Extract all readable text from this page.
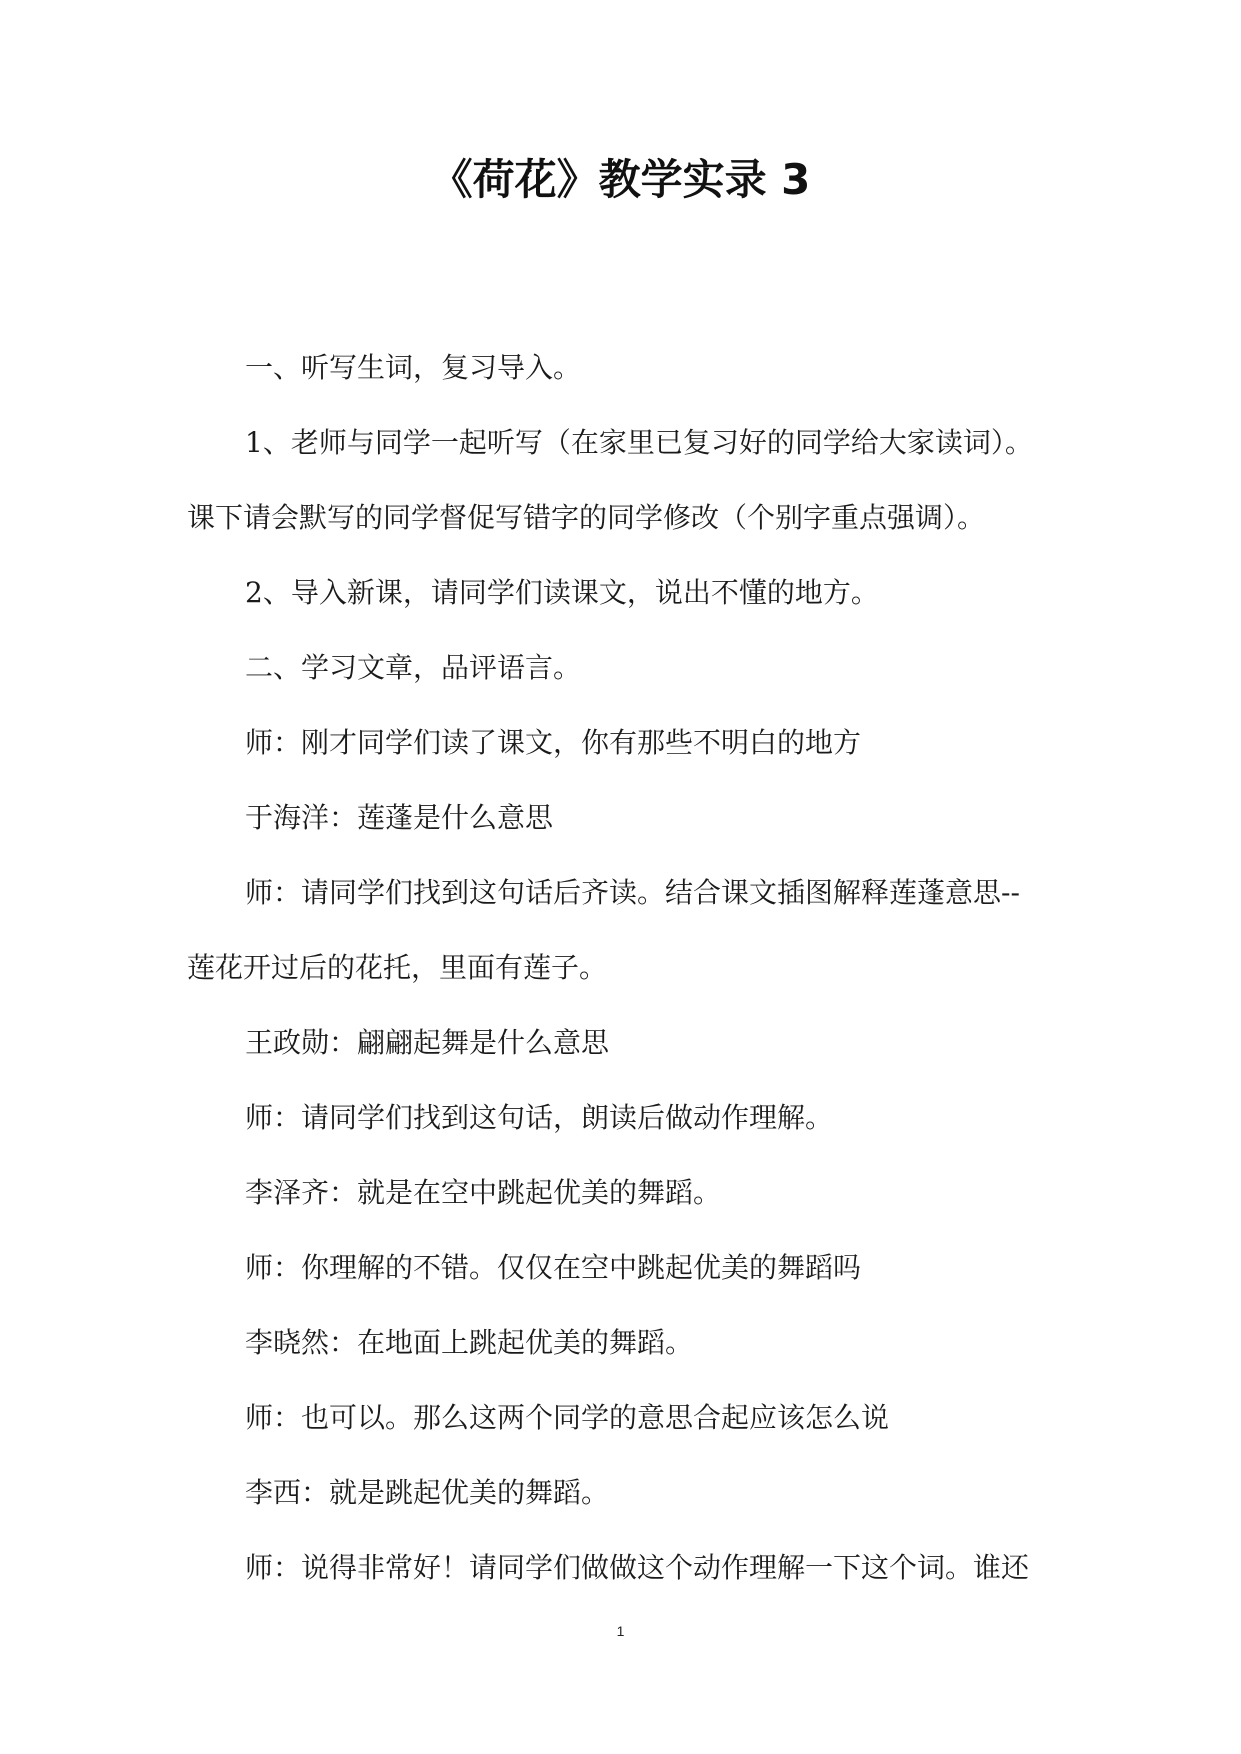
《荷花》教学实录 3
一、听写生词，复习导入。
1、老师与同学一起听写（在家里已复习好的同学给大家读词）。
课下请会默写的同学督促写错字的同学修改（个别字重点强调）。
2、导入新课，请同学们读课文，说出不懂的地方。
二、学习文章，品评语言。
师：刚才同学们读了课文，你有那些不明白的地方
于海洋：莲蓬是什么意思
师：请同学们找到这句话后齐读。结合课文插图解释莲蓬意思--
莲花开过后的花托，里面有莲子。
王政勋：翩翩起舞是什么意思
师：请同学们找到这句话，朗读后做动作理解。
李泽齐：就是在空中跳起优美的舞蹈。
师：你理解的不错。仅仅在空中跳起优美的舞蹈吗
李晓然：在地面上跳起优美的舞蹈。
师：也可以。那么这两个同学的意思合起应该怎么说
李西：就是跳起优美的舞蹈。
师：说得非常好！请同学们做做这个动作理解一下这个词。谁还
1
